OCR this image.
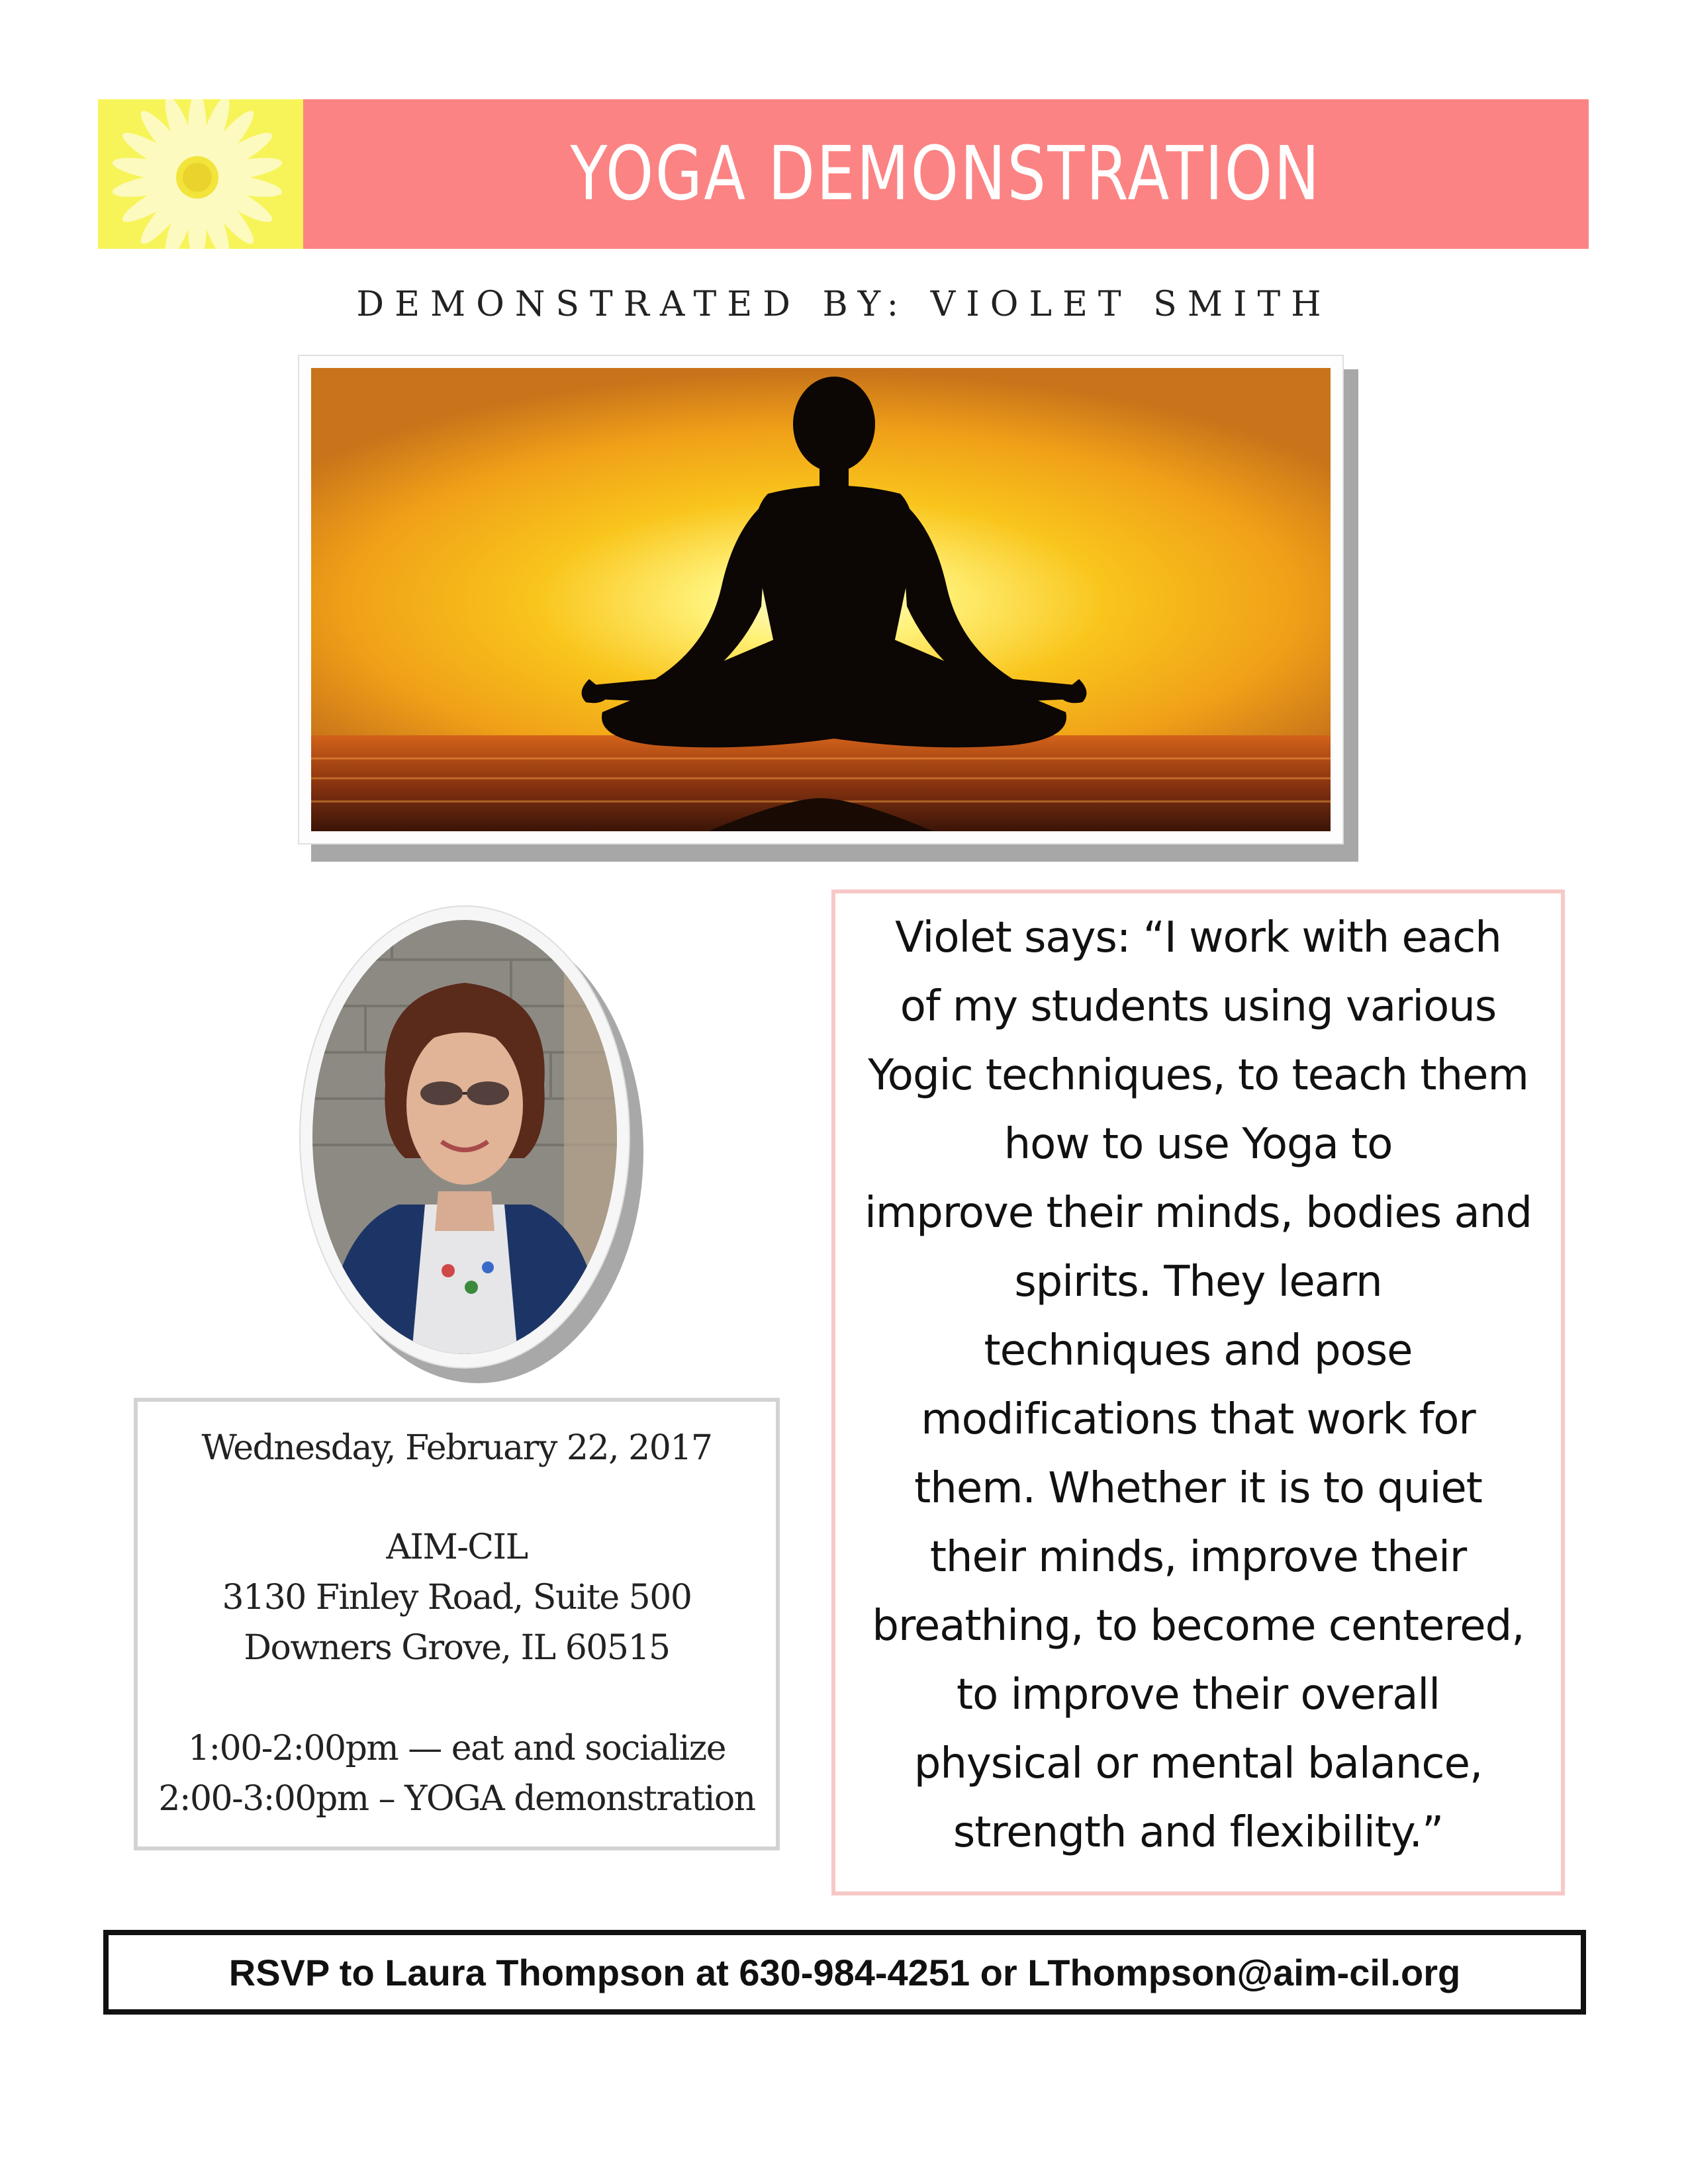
YOGA DEMONSTRATION
DEMONSTRATED BY: VIOLET SMITH
Wednesday, February 22, 2017
AIM-CIL
3130 Finley Road, Suite 500
Downers Grove, IL 60515
1:00-2:00pm — eat and socialize
2:00-3:00pm – YOGA demonstration
Violet says: “I work with each
of my students using various
Yogic techniques, to teach them
how to use Yoga to
improve their minds, bodies and
spirits. They learn
techniques and pose
modifications that work for
them. Whether it is to quiet
their minds, improve their
breathing, to become centered,
to improve their overall
physical or mental balance,
strength and flexibility.”
RSVP to Laura Thompson at 630-984-4251 or LThompson@aim-cil.org
